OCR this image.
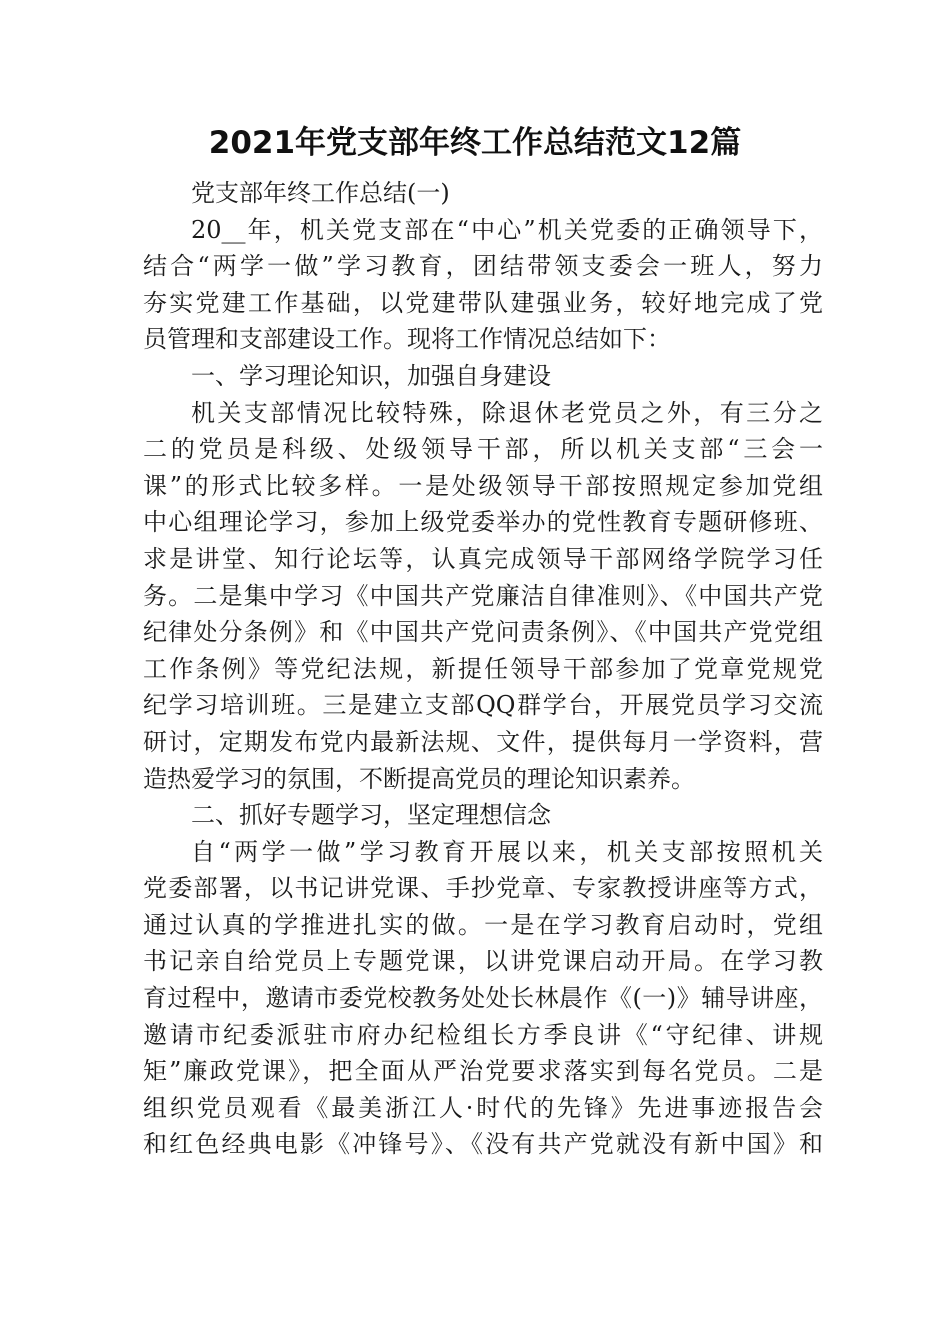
2021年党支部年终工作总结范文12篇
党支部年终工作总结(一)
20__年，机关党支部在“中心”机关党委的正确领导下，
结合“两学一做”学习教育，团结带领支委会一班人，努力
夯实党建工作基础，以党建带队建强业务，较好地完成了党
员管理和支部建设工作。现将工作情况总结如下：
一、学习理论知识，加强自身建设
机关支部情况比较特殊，除退休老党员之外，有三分之
二的党员是科级、处级领导干部，所以机关支部“三会一
课”的形式比较多样。一是处级领导干部按照规定参加党组
中心组理论学习，参加上级党委举办的党性教育专题研修班、
求是讲堂、知行论坛等，认真完成领导干部网络学院学习任
务。二是集中学习《中国共产党廉洁自律准则》、《中国共产党
纪律处分条例》和《中国共产党问责条例》、《中国共产党党组
工作条例》等党纪法规，新提任领导干部参加了党章党规党
纪学习培训班。三是建立支部QQ群学台，开展党员学习交流
研讨，定期发布党内最新法规、文件，提供每月一学资料，营
造热爱学习的氛围，不断提高党员的理论知识素养。
二、抓好专题学习，坚定理想信念
自“两学一做”学习教育开展以来，机关支部按照机关
党委部署，以书记讲党课、手抄党章、专家教授讲座等方式，
通过认真的学推进扎实的做。一是在学习教育启动时，党组
书记亲自给党员上专题党课，以讲党课启动开局。在学习教
育过程中，邀请市委党校教务处处长林晨作《(一)》辅导讲座，
邀请市纪委派驻市府办纪检组长方季良讲《“守纪律、讲规
矩”廉政党课》，把全面从严治党要求落实到每名党员。二是
组织党员观看《最美浙江人·时代的先锋》先进事迹报告会
和红色经典电影《冲锋号》、《没有共产党就没有新中国》和
